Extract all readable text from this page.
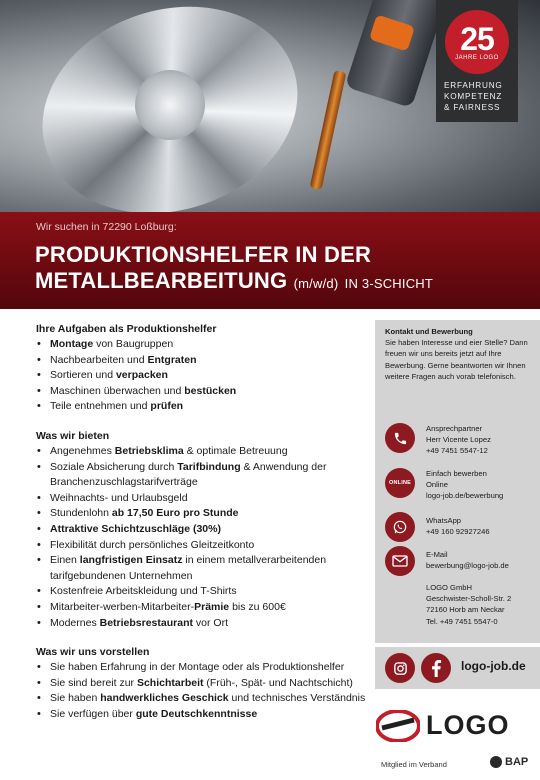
25
JAHRE LOGO
ERFAHRUNG
KOMPETENZ
& FAIRNESS
Wir suchen in 72290 Loßburg:
PRODUKTIONSHELFER IN DER
METALLBEARBEITUNG (m/w/d) IN 3-SCHICHT
Ihre Aufgaben als Produktionshelfer
• Montage von Baugruppen
• Nachbearbeiten und Entgraten
• Sortieren und verpacken
• Maschinen überwachen und bestücken
• Teile entnehmen und prüfen
Was wir bieten
• Angenehmes Betriebsklima & optimale Betreuung
• Soziale Absicherung durch Tarifbindung & Anwendung der Branchenzuschlagstarifverträge
• Weihnachts- und Urlaubsgeld
• Stundenlohn ab 17,50 Euro pro Stunde
• Attraktive Schichtzuschläge (30%)
• Flexibilität durch persönliches Gleitzeitkonto
• Einen langfristigen Einsatz in einem metallverarbeitenden tarifgebundenen Unternehmen
• Kostenfreie Arbeitskleidung und T-Shirts
• Mitarbeiter-werben-Mitarbeiter-Prämie bis zu 600€
• Modernes Betriebsrestaurant vor Ort
Was wir uns vorstellen
• Sie haben Erfahrung in der Montage oder als Produktionshelfer
• Sie sind bereit zur Schichtarbeit (Früh-, Spät- und Nachtschicht)
• Sie haben handwerkliches Geschick und technisches Verständnis
• Sie verfügen über gute Deutschkenntnisse
Kontakt und Bewerbung
Sie haben Interesse und eier Stelle? Dann freuen wir uns bereits jetzt auf Ihre Bewerbung. Gerne beantworten wir Ihnen weitere Fragen auch vorab telefonisch.
Ansprechpartner
Herr Vicente Lopez
+49 7451 5547-12
ONLINE
Einfach bewerben
Online
logo-job.de/bewerbung
WhatsApp
+49 160 92927246
E-Mail
bewerbung@logo-job.de
LOGO GmbH
Geschwister-Scholl-Str. 2
72160 Horb am Neckar
Tel. +49 7451 5547-0
logo-job.de
LOGO
Mitglied im Verband	BAP
